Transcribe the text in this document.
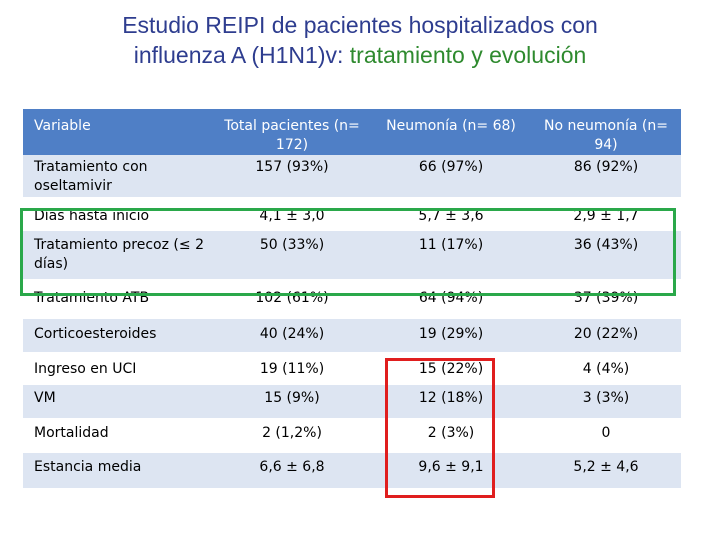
Estudio REIPI de pacientes hospitalizados con
influenza A (H1N1)v: tratamiento y evolución
Variable	Total pacientes (n= 172)	Neumonía (n= 68)	No neumonía (n= 94)
Tratamiento con oseltamivir	157 (93%)	66 (97%)	86 (92%)
Días hasta inicio	4,1 ± 3,0	5,7 ± 3,6	2,9 ± 1,7
Tratamiento precoz (≤ 2 días)	50 (33%)	11 (17%)	36 (43%)
Tratamiento ATB	102 (61%)	64 (94%)	37 (39%)
Corticoesteroides	40 (24%)	19 (29%)	20 (22%)
Ingreso en UCI	19 (11%)	15 (22%)	4 (4%)
VM	15 (9%)	12 (18%)	3 (3%)
Mortalidad	2 (1,2%)	2 (3%)	0
Estancia media	6,6 ± 6,8	9,6 ± 9,1	5,2 ± 4,6
